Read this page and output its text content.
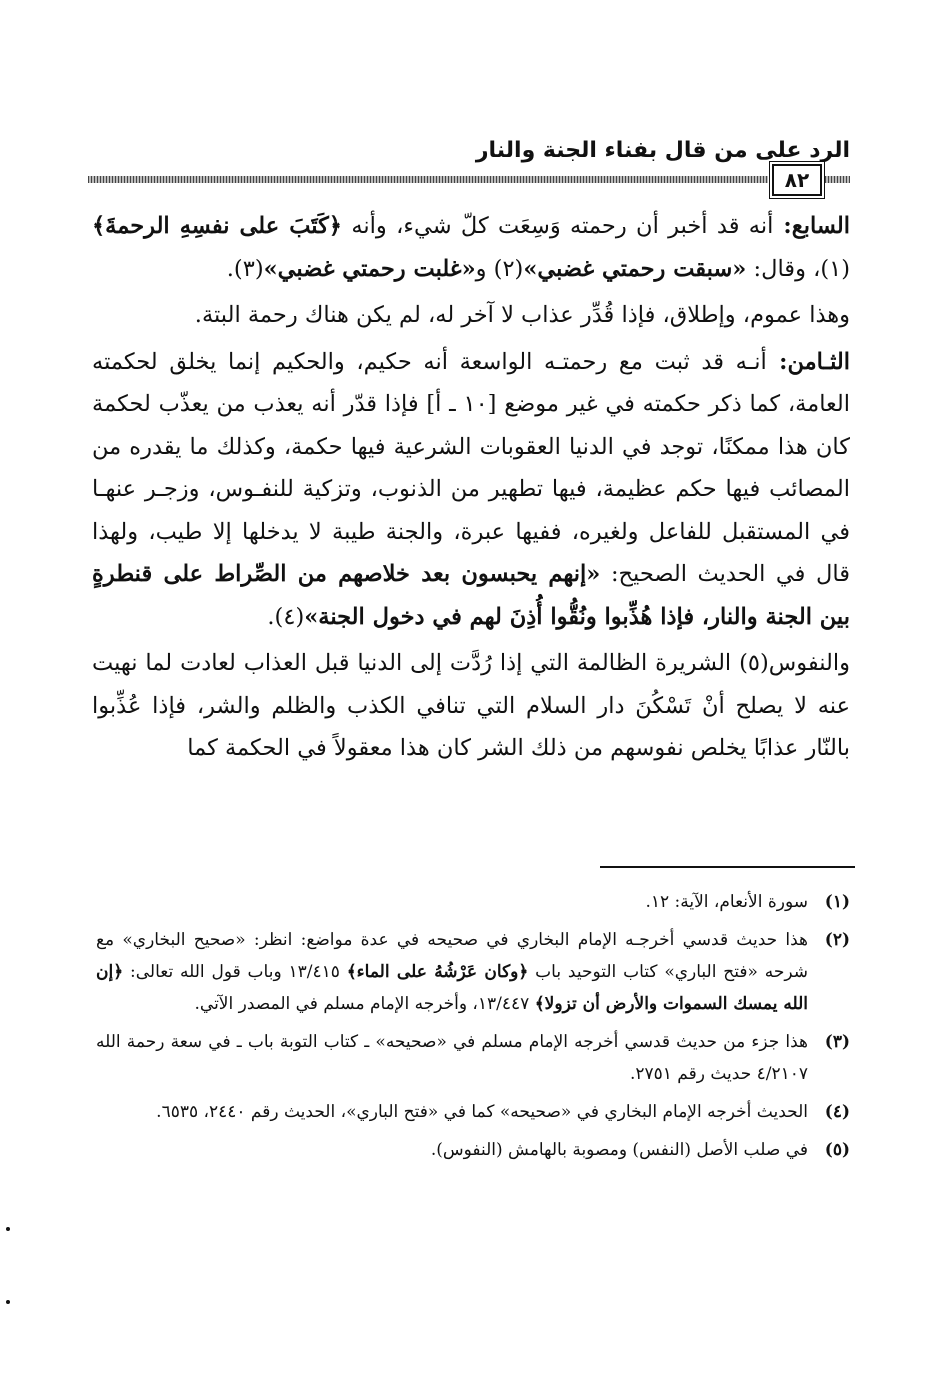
الرد على من قال بفناء الجنة والنار
٨٢

السابع: أنه قد أخبر أن رحمته وَسِعَت كلّ شيء، وأنه ﴿كَتَبَ على نفسِهِ الرحمةَ﴾(١)، وقال: «سبقت رحمتي غضبي»(٢) و«غلبت رحمتي غضبي»(٣).

وهذا عموم، وإطلاق، فإذا قُدِّر عذاب لا آخر له، لم يكن هناك رحمة البتة.

الثـامن: أنـه قد ثبت مع رحمتـه الواسعة أنه حكيم، والحكيم إنما يخلق لحكمته العامة، كما ذكر حكمته في غير موضع [١٠ ـ أ] فإذا قدّر أنه يعذب من يعذّب لحكمة كان هذا ممكنًا، توجد في الدنيا العقوبات الشرعية فيها حكمة، وكذلك ما يقدره من المصائب فيها حكم عظيمة، فيها تطهير من الذنوب، وتزكية للنفـوس، وزجـر عنهـا في المستقبل للفاعل ولغيره، ففيها عبرة، والجنة طيبة لا يدخلها إلا طيب، ولهذا قال في الحديث الصحيح: «إنهم يحبسون بعد خلاصهم من الصِّراط على قنطرةٍ بين الجنة والنار، فإذا هُذِّبوا ونُقُّوا أُذِنَ لهم في دخول الجنة»(٤).

والنفوس(٥) الشريرة الظالمة التي إذا رُدَّت إلى الدنيا قبل العذاب لعادت لما نهيت عنه لا يصلح أنْ تَسْكُنَ دار السلام التي تنافي الكذب والظلم والشر، فإذا عُذِّبوا بالنّار عذابًا يخلص نفوسهم من ذلك الشر كان هذا معقولاً في الحكمة كما

(١)
سورة الأنعام، الآية: ١٢.
(٢)
هذا حديث قدسي أخرجـه الإمام البخاري في صحيحه في عدة مواضع: انظر: «صحيح البخاري» مع شرحه «فتح الباري» كتاب التوحيد باب ﴿وكان عَرْشُهُ على الماء﴾ ١٣/٤١٥ وباب قول الله تعالى: ﴿إن الله يمسك السموات والأرض أن تزولا﴾ ١٣/٤٤٧، وأخرجه الإمام مسلم في المصدر الآتي.
(٣)
هذا جزء من حديث قدسي أخرجه الإمام مسلم في «صحيحه» ـ كتاب التوبة باب ـ في سعة رحمة الله ٤/٢١٠٧ حديث رقم ٢٧٥١.
(٤)
الحديث أخرجه الإمام البخاري في «صحيحه» كما في «فتح الباري»، الحديث رقم ٢٤٤٠، ٦٥٣٥.
(٥)
في صلب الأصل (النفس) ومصوبة بالهامش (النفوس).
